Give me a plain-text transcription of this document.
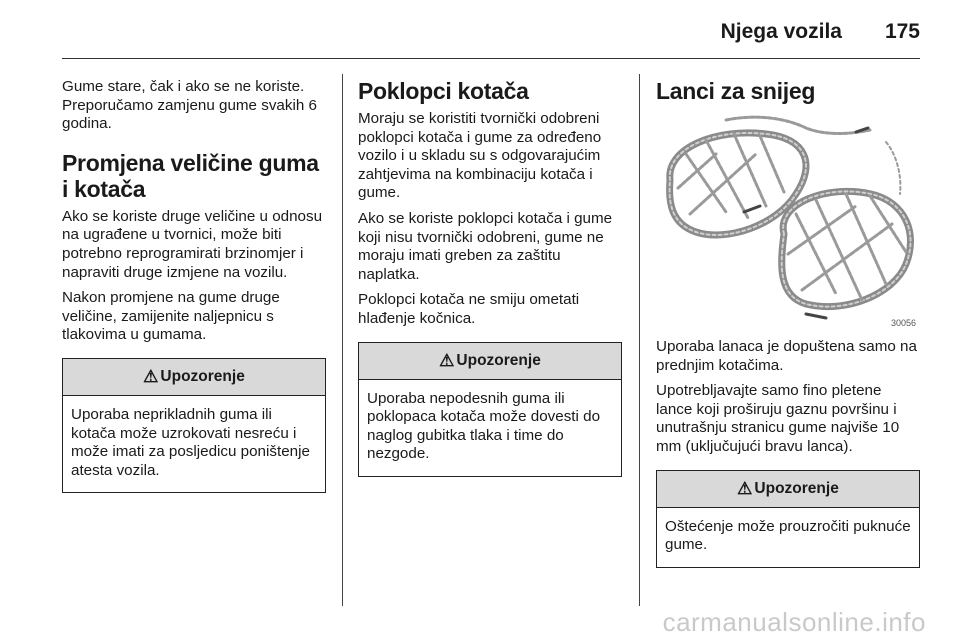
Njega vozila 175

Gume stare, čak i ako se ne koriste. Preporučamo zamjenu gume svakih 6 godina.

Promjena veličine guma i kotača

Ako se koriste druge veličine u odnosu na ugrađene u tvornici, može biti potrebno reprogramirati brzinomjer i napraviti druge izmjene na vozilu.

Nakon promjene na gume druge veličine, zamijenite naljepnicu s tlakovima u gumama.

⚠ Upozorenje
Uporaba neprikladnih guma ili kotača može uzrokovati nesreću i može imati za posljedicu poništenje atesta vozila.
Poklopci kotača

Moraju se koristiti tvornički odobreni poklopci kotača i gume za određeno vozilo i u skladu su s odgovarajućim zahtjevima na kombinaciju kotača i gume.

Ako se koriste poklopci kotača i gume koji nisu tvornički odobreni, gume ne moraju imati greben za zaštitu naplatka.

Poklopci kotača ne smiju ometati hlađenje kočnica.

⚠ Upozorenje
Uporaba nepodesnih guma ili poklopaca kotača može dovesti do naglog gubitka tlaka i time do nezgode.
Lanci za snijeg
30056

Uporaba lanaca je dopuštena samo na prednjim kotačima.

Upotrebljavajte samo fino pletene lance koji proširuju gaznu površinu i unutrašnju stranicu gume najviše 10 mm (uključujući bravu lanca).

⚠ Upozorenje
Oštećenje može prouzročiti puknuće gume.
carmanualsonline.info
